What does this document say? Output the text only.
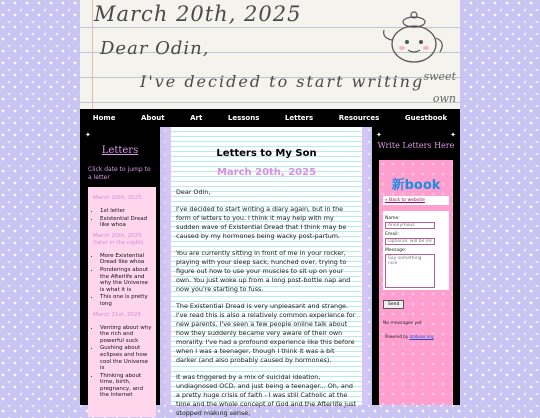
March 20th, 2025
Dear Odin,
I've decided to start writing sweet
own
Home	About	Art	Lessons	Letters	Resources	Guestbook
✦
Letters
Click date to jump to a letter
March 20th, 2025
• 1st letter
• Existential Dread like whoa
March 20th, 2025 (later in the night)
• More Existential Dread like whoa
• Ponderings about the Afterlife and why the Universe is what it is
• This one is pretty long
March 21st, 2025
• Venting about why the rich and powerful suck
• Gushing about eclipses and how cool the Universe is
• Thinking about time, birth, pregnancy, and the internet
Letters to My Son
March 20th, 2025

Dear Odin,

I've decided to start writing a diary again, but in the form of letters to you. I think it may help with my sudden wave of Existential Dread that I think may be caused by my hormones being wacky post-partum.

You are currently sitting in front of me in your rocker, playing with your sleep sack, hunched over, trying to figure out how to use your muscles to sit up on your own. You just woke up from a long post-bottle nap and now you're starting to fuss.

The Existential Dread is very unpleasant and strange. I've read this is also a relatively common experience for new parents. I've seen a few people online talk about how they suddenly became very aware of their own morality. I've had a profound experience like this before when I was a teenager, though I think it was a bit darker (and also probably caused by hormones).

It was triggered by a mix of suicidal ideation, undiagnosed OCD, and just being a teenager... Oh, and a pretty huge crisis of faith - I was still Catholic at the time and the whole concept of God and the Afterlife just stopped making sense,

✦	✦
Write Letters Here
新book
« Back to website
Name:
Anonymous
Email:
Optional, will be onl
Message:
Say something nice
Send
No messages yet
Powered by atabook.org
